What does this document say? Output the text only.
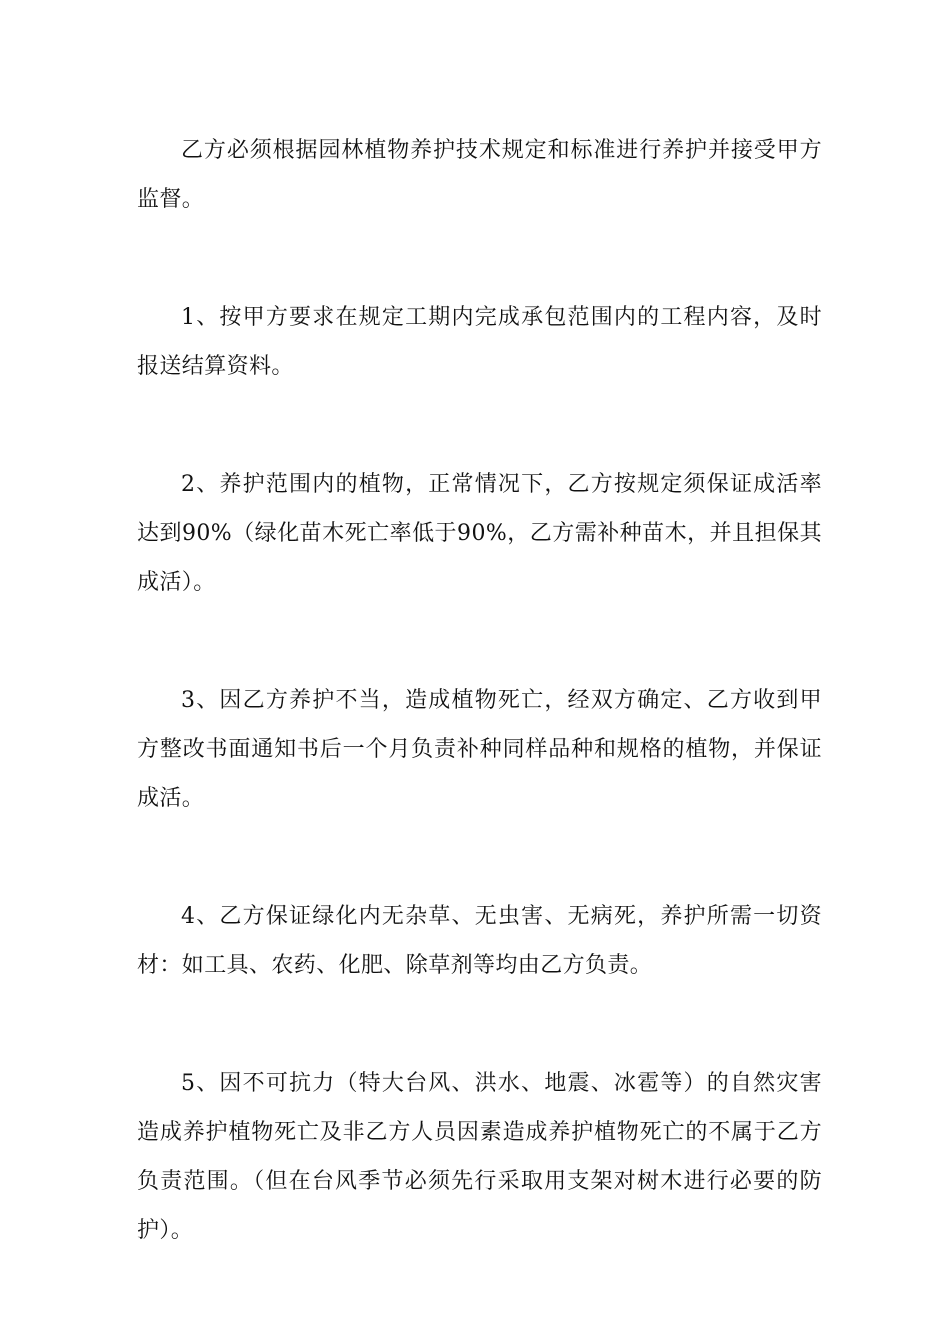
乙方必须根据园林植物养护技术规定和标准进行养护并接受甲方监督。

1、按甲方要求在规定工期内完成承包范围内的工程内容，及时报送结算资料。

2、养护范围内的植物，正常情况下，乙方按规定须保证成活率达到90%（绿化苗木死亡率低于90%，乙方需补种苗木，并且担保其成活）。

3、因乙方养护不当，造成植物死亡，经双方确定、乙方收到甲方整改书面通知书后一个月负责补种同样品种和规格的植物，并保证成活。

4、乙方保证绿化内无杂草、无虫害、无病死，养护所需一切资材：如工具、农药、化肥、除草剂等均由乙方负责。

5、因不可抗力（特大台风、洪水、地震、冰雹等）的自然灾害造成养护植物死亡及非乙方人员因素造成养护植物死亡的不属于乙方负责范围。（但在台风季节必须先行采取用支架对树木进行必要的防护）。
